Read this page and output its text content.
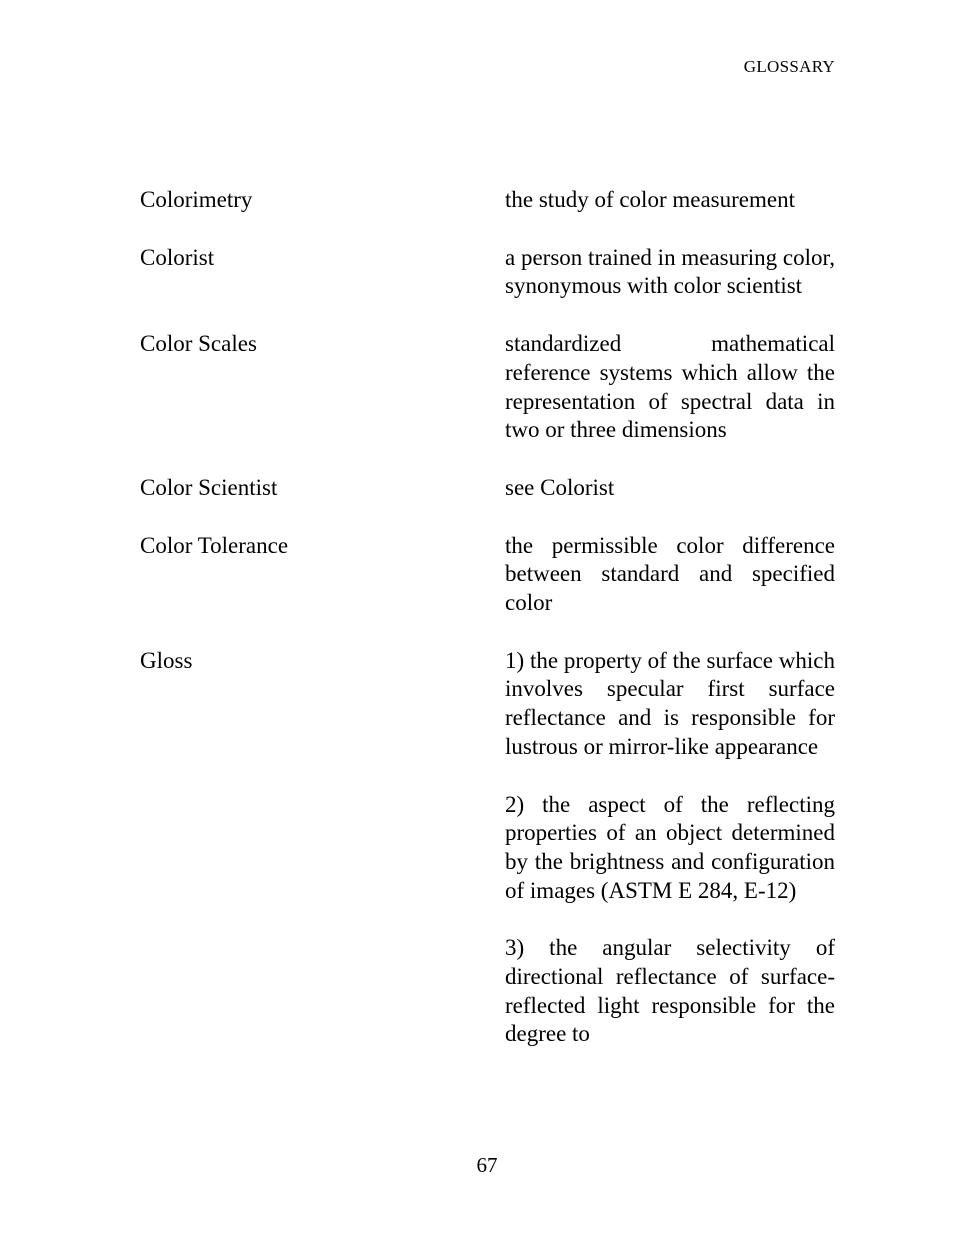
GLOSSARY
Colorimetry	the study of color measurement

Colorist	a person trained in measuring color, synonymous with color scientist

Color Scales	standardized mathematical reference systems which allow the representation of spectral data in two or three dimensions

Color Scientist	see Colorist

Color Tolerance	the permissible color difference between standard and specified color

Gloss	1) the property of the surface which involves specular first surface reflectance and is responsible for lustrous or mirror-like appearance

2) the aspect of the reflecting properties of an object determined by the brightness and configuration of images (ASTM E 284, E-12)

3) the angular selectivity of directional reflectance of surface-reflected light responsible for the degree to

67
